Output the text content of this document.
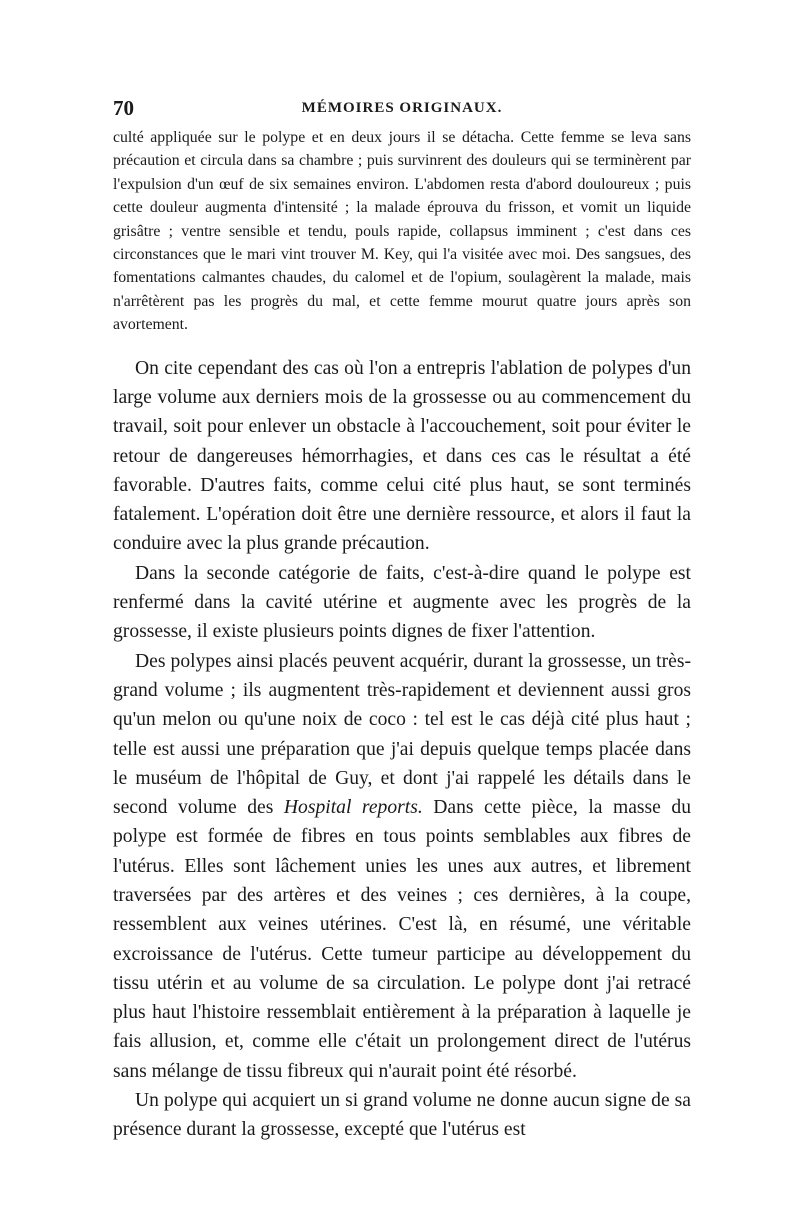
70	MÉMOIRES ORIGINAUX.

culté appliquée sur le polype et en deux jours il se détacha. Cette femme se leva sans précaution et circula dans sa chambre ; puis survinrent des douleurs qui se terminèrent par l'expulsion d'un œuf de six semaines environ. L'abdomen resta d'abord douloureux ; puis cette douleur augmenta d'intensité ; la malade éprouva du frisson, et vomit un liquide grisâtre ; ventre sensible et tendu, pouls rapide, collapsus imminent ; c'est dans ces circonstances que le mari vint trouver M. Key, qui l'a visitée avec moi. Des sangsues, des fomentations calmantes chaudes, du calomel et de l'opium, soulagèrent la malade, mais n'arrêtèrent pas les progrès du mal, et cette femme mourut quatre jours après son avortement.

On cite cependant des cas où l'on a entrepris l'ablation de polypes d'un large volume aux derniers mois de la grossesse ou au commencement du travail, soit pour enlever un obstacle à l'accouchement, soit pour éviter le retour de dangereuses hémorrhagies, et dans ces cas le résultat a été favorable. D'autres faits, comme celui cité plus haut, se sont terminés fatalement. L'opération doit être une dernière ressource, et alors il faut la conduire avec la plus grande précaution.

Dans la seconde catégorie de faits, c'est-à-dire quand le polype est renfermé dans la cavité utérine et augmente avec les progrès de la grossesse, il existe plusieurs points dignes de fixer l'attention.

Des polypes ainsi placés peuvent acquérir, durant la grossesse, un très-grand volume ; ils augmentent très-rapidement et deviennent aussi gros qu'un melon ou qu'une noix de coco : tel est le cas déjà cité plus haut ; telle est aussi une préparation que j'ai depuis quelque temps placée dans le muséum de l'hôpital de Guy, et dont j'ai rappelé les détails dans le second volume des Hospital reports. Dans cette pièce, la masse du polype est formée de fibres en tous points semblables aux fibres de l'utérus. Elles sont lâchement unies les unes aux autres, et librement traversées par des artères et des veines ; ces dernières, à la coupe, ressemblent aux veines utérines. C'est là, en résumé, une véritable excroissance de l'utérus. Cette tumeur participe au développement du tissu utérin et au volume de sa circulation. Le polype dont j'ai retracé plus haut l'histoire ressemblait entièrement à la préparation à laquelle je fais allusion, et, comme elle c'était un prolongement direct de l'utérus sans mélange de tissu fibreux qui n'aurait point été résorbé.

Un polype qui acquiert un si grand volume ne donne aucun signe de sa présence durant la grossesse, excepté que l'utérus est
